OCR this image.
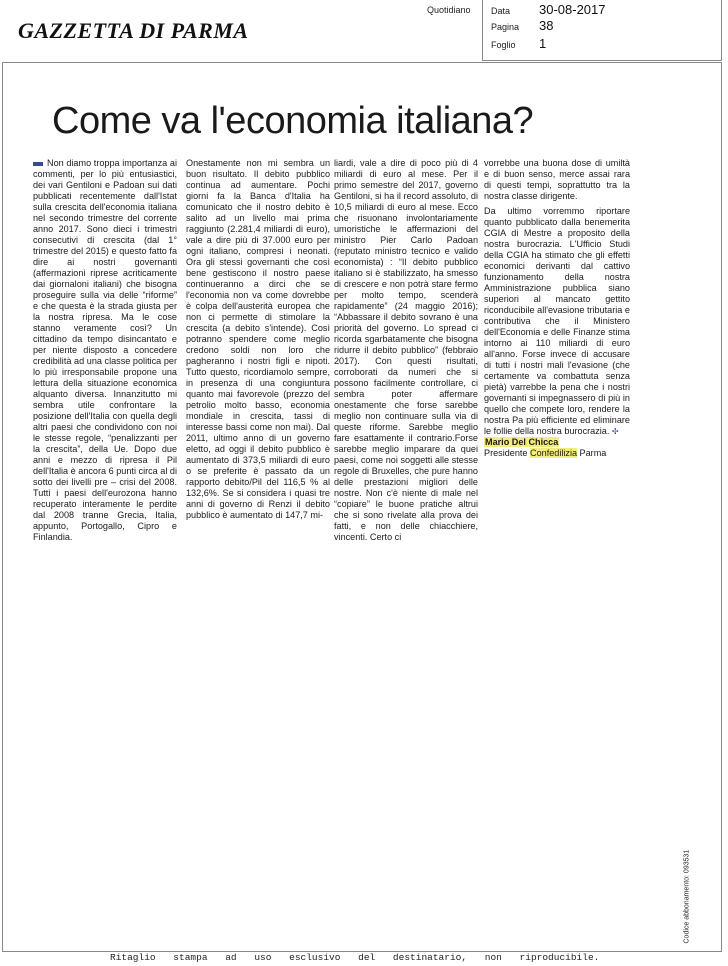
GAZZETTA DI PARMA
Quotidiano Data 30-08-2017
Pagina 38
Foglio 1
Come va l'economia italiana?

Non diamo troppa importanza ai commenti, per lo più entusiastici, dei vari Gentiloni e Padoan sui dati pubblicati recentemente dall'Istat sulla crescita dell'economia italiana nel secondo trimestre del corrente anno 2017. Sono dieci i trimestri consecutivi di crescita (dal 1° trimestre del 2015) e questo fatto fa dire ai nostri governanti (affermazioni riprese acriticamente dai giornaloni italiani) che bisogna proseguire sulla via delle “riforme” e che questa è la strada giusta per la nostra ripresa. Ma le cose stanno veramente così? Un cittadino da tempo disincantato e per niente disposto a concedere credibilità ad una classe politica per lo più irresponsabile propone una lettura della situazione economica alquanto diversa. Innanzitutto mi sembra utile confrontare la posizione dell'Italia con quella degli altri paesi che condividono con noi le stesse regole, “penalizzanti per la crescita”, della Ue. Dopo due anni e mezzo di ripresa il Pil dell'Italia è ancora 6 punti circa al di sotto dei livelli pre – crisi del 2008. Tutti i paesi dell'eurozona hanno recuperato interamente le perdite dal 2008 tranne Grecia, Italia, appunto, Portogallo, Cipro e Finlandia.

Onestamente non mi sembra un buon risultato. Il debito pubblico continua ad aumentare. Pochi giorni fa la Banca d'Italia ha comunicato che il nostro debito è salito ad un livello mai prima raggiunto (2.281,4 miliardi di euro), vale a dire più di 37.000 euro per ogni italiano, compresi i neonati. Ora gli stessi governanti che così bene gestiscono il nostro paese continueranno a dirci che se l'economia non va come dovrebbe è colpa dell'austerità europea che non ci permette di stimolare la crescita (a debito s'intende). Così potranno spendere come meglio credono soldi non loro che pagheranno i nostri figli e nipoti. Tutto questo, ricordiamolo sempre, in presenza di una congiuntura quanto mai favorevole (prezzo del petrolio molto basso, economia mondiale in crescita, tassi di interesse bassi come non mai). Dal 2011, ultimo anno di un governo eletto, ad oggi il debito pubblico è aumentato di 373,5 miliardi di euro o se preferite è passato da un rapporto debito/Pil del 116,5 % al 132,6%. Se si considera i quasi tre anni di governo di Renzi il debito pubblico è aumentato di 147,7 mi-

liardi, vale a dire di poco più di 4 miliardi di euro al mese. Per il primo semestre del 2017, governo Gentiloni, si ha il record assoluto, di 10,5 miliardi di euro al mese. Ecco che risuonano involontariamente umoristiche le affermazioni del ministro Pier Carlo Padoan (reputato ministro tecnico e valido economista) : “Il debito pubblico italiano si è stabilizzato, ha smesso di crescere e non potrà stare fermo per molto tempo, scenderà rapidamente” (24 maggio 2016); “Abbassare il debito sovrano è una priorità del governo. Lo spread ci ricorda sgarbatamente che bisogna ridurre il debito pubblico” (febbraio 2017). Con questi risultati, corroborati da numeri che si possono facilmente controllare, ci sembra poter affermare onestamente che forse sarebbe meglio non continuare sulla via di queste riforme. Sarebbe meglio fare esattamente il contrario.Forse sarebbe meglio imparare da quei paesi, come noi soggetti alle stesse regole di Bruxelles, che pure hanno delle prestazioni migliori delle nostre. Non c'è niente di male nel “copiare” le buone pratiche altrui che si sono rivelate alla prova dei fatti, e non delle chiacchiere, vincenti. Certo ci

vorrebbe una buona dose di umiltà e di buon senso, merce assai rara di questi tempi, soprattutto tra la nostra classe dirigente.

Da ultimo vorremmo riportare quanto pubblicato dalla benemerita CGIA di Mestre a proposito della nostra burocrazia. L'Ufficio Studi della CGIA ha stimato che gli effetti economici derivanti dal cattivo funzionamento della nostra Amministrazione pubblica siano superiori al mancato gettito riconducibile all'evasione tributaria e contributiva che il Ministero dell'Economia e delle Finanze stima intorno ai 110 miliardi di euro all'anno. Forse invece di accusare di tutti i nostri mali l'evasione (che certamente va combattuta senza pietà) varrebbe la pena che i nostri governanti si impegnassero di più in quello che compete loro, rendere la nostra Pa più efficiente ed eliminare le follie della nostra burocrazia. ✣

Mario Del Chicca

Presidente Confedilizia Parma

Codice abbonamento: 093531
Ritaglio stampa ad uso esclusivo del destinatario, non riproducibile.
